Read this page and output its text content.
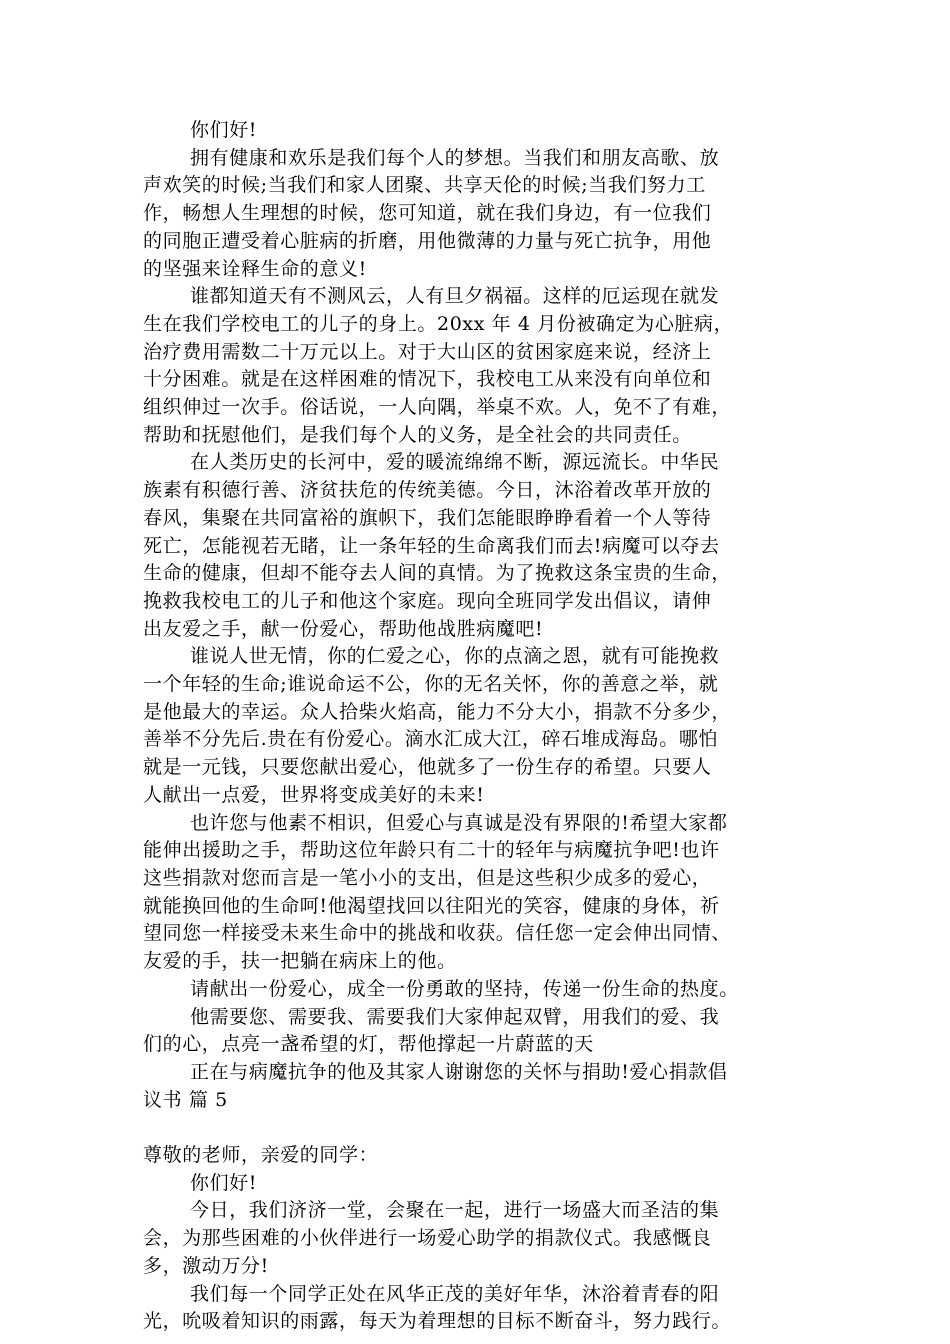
你们好!
拥有健康和欢乐是我们每个人的梦想。当我们和朋友高歌、放
声欢笑的时候;当我们和家人团聚、共享天伦的时候;当我们努力工
作，畅想人生理想的时候，您可知道，就在我们身边，有一位我们
的同胞正遭受着心脏病的折磨，用他微薄的力量与死亡抗争，用他
的坚强来诠释生命的意义!
谁都知道天有不测风云，人有旦夕祸福。这样的厄运现在就发
生在我们学校电工的儿子的身上。20xx 年 4 月份被确定为心脏病，
治疗费用需数二十万元以上。对于大山区的贫困家庭来说，经济上
十分困难。就是在这样困难的情况下，我校电工从来没有向单位和
组织伸过一次手。俗话说，一人向隅，举桌不欢。人，免不了有难，
帮助和抚慰他们，是我们每个人的义务，是全社会的共同责任。
在人类历史的长河中，爱的暖流绵绵不断，源远流长。中华民
族素有积德行善、济贫扶危的传统美德。今日，沐浴着改革开放的
春风，集聚在共同富裕的旗帜下，我们怎能眼睁睁看着一个人等待
死亡，怎能视若无睹，让一条年轻的生命离我们而去!病魔可以夺去
生命的健康，但却不能夺去人间的真情。为了挽救这条宝贵的生命，
挽救我校电工的儿子和他这个家庭。现向全班同学发出倡议，请伸
出友爱之手，献一份爱心，帮助他战胜病魔吧!
谁说人世无情，你的仁爱之心，你的点滴之恩，就有可能挽救
一个年轻的生命;谁说命运不公，你的无名关怀，你的善意之举，就
是他最大的幸运。众人拾柴火焰高，能力不分大小，捐款不分多少，
善举不分先后.贵在有份爱心。滴水汇成大江，碎石堆成海岛。哪怕
就是一元钱，只要您献出爱心，他就多了一份生存的希望。只要人
人献出一点爱，世界将变成美好的未来!
也许您与他素不相识，但爱心与真诚是没有界限的!希望大家都
能伸出援助之手，帮助这位年龄只有二十的轻年与病魔抗争吧!也许
这些捐款对您而言是一笔小小的支出，但是这些积少成多的爱心，
就能换回他的生命呵!他渴望找回以往阳光的笑容，健康的身体，祈
望同您一样接受未来生命中的挑战和收获。信任您一定会伸出同情、
友爱的手，扶一把躺在病床上的他。
请献出一份爱心，成全一份勇敢的坚持，传递一份生命的热度。
他需要您、需要我、需要我们大家伸起双臂，用我们的爱、我
们的心，点亮一盏希望的灯，帮他撑起一片蔚蓝的天
正在与病魔抗争的他及其家人谢谢您的关怀与捐助!爱心捐款倡
议书 篇 5
尊敬的老师，亲爱的同学：
你们好!
今日，我们济济一堂，会聚在一起，进行一场盛大而圣洁的集
会，为那些困难的小伙伴进行一场爱心助学的捐款仪式。我感慨良
多，激动万分!
我们每一个同学正处在风华正茂的美好年华，沐浴着青春的阳
光，吮吸着知识的雨露，每天为着理想的目标不断奋斗，努力践行。
